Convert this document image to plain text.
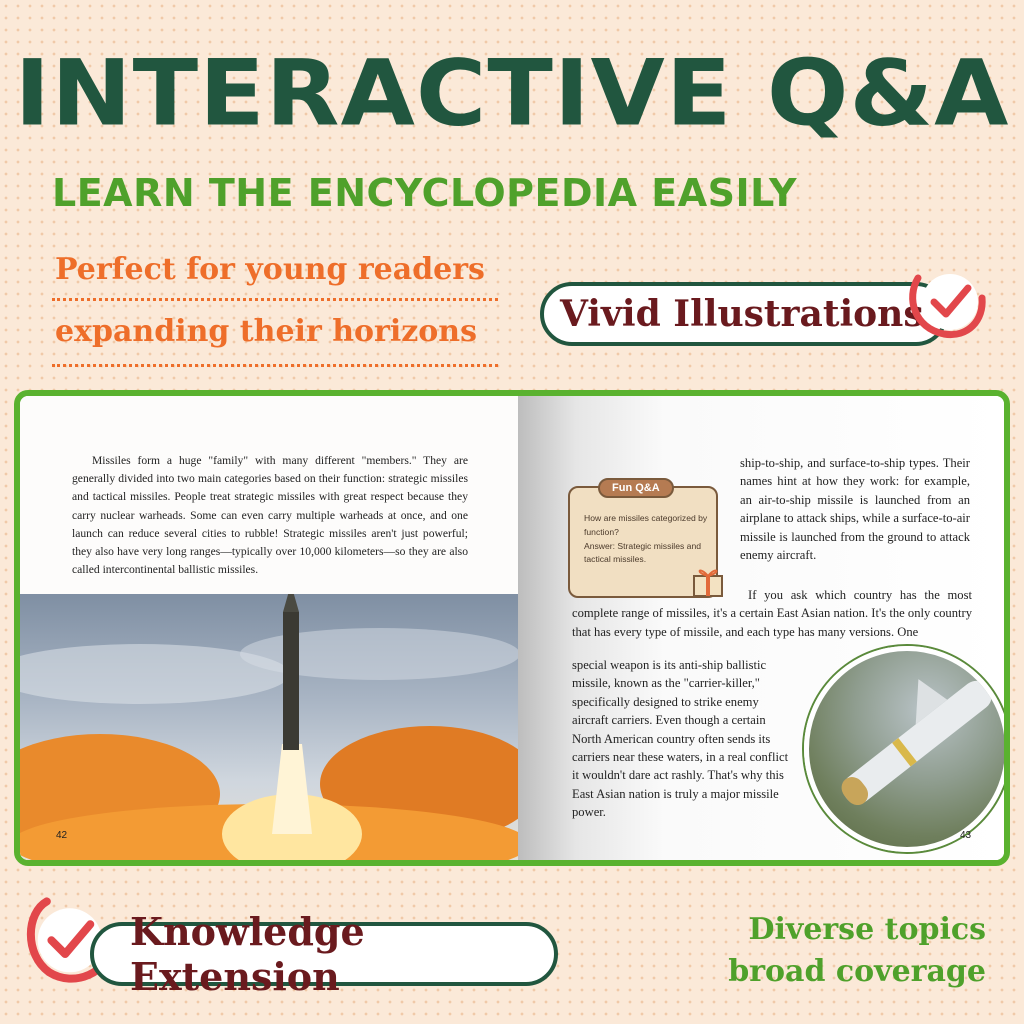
INTERACTIVE Q&A
LEARN THE ENCYCLOPEDIA EASILY
Perfect for young readers
expanding their horizons Vivid Illustrations
Missiles form a huge "family" with many different "members." They are generally divided into two main categories based on their function: strategic missiles and tactical missiles. People treat strategic missiles with great respect because they carry nuclear warheads. Some can even carry multiple warheads at once, and one launch can reduce several cities to rubble! Strategic missiles aren't just powerful; they also have very long ranges—typically over 10,000 kilometers—so they are also called intercontinental ballistic missiles.
42
Fun Q&A
How are missiles categorized by function?
Answer: Strategic missiles and tactical missiles.
ship-to-ship, and surface-to-ship types. Their names hint at how they work: for example, an air-to-ship missile is launched from an airplane to attack ships, while a surface-to-air missile is launched from the ground to attack enemy aircraft.
If you ask which country has the most complete range of missiles, it's a certain East Asian nation. It's the only country that has every type of missile, and each type has many versions. One
special weapon is its anti-ship ballistic missile, known as the "carrier-killer," specifically designed to strike enemy aircraft carriers. Even though a certain North American country often sends its carriers near these waters, in a real conflict it wouldn't dare act rashly. That's why this East Asian nation is truly a major missile power.
43
Knowledge Extension
Diverse topics
broad coverage
